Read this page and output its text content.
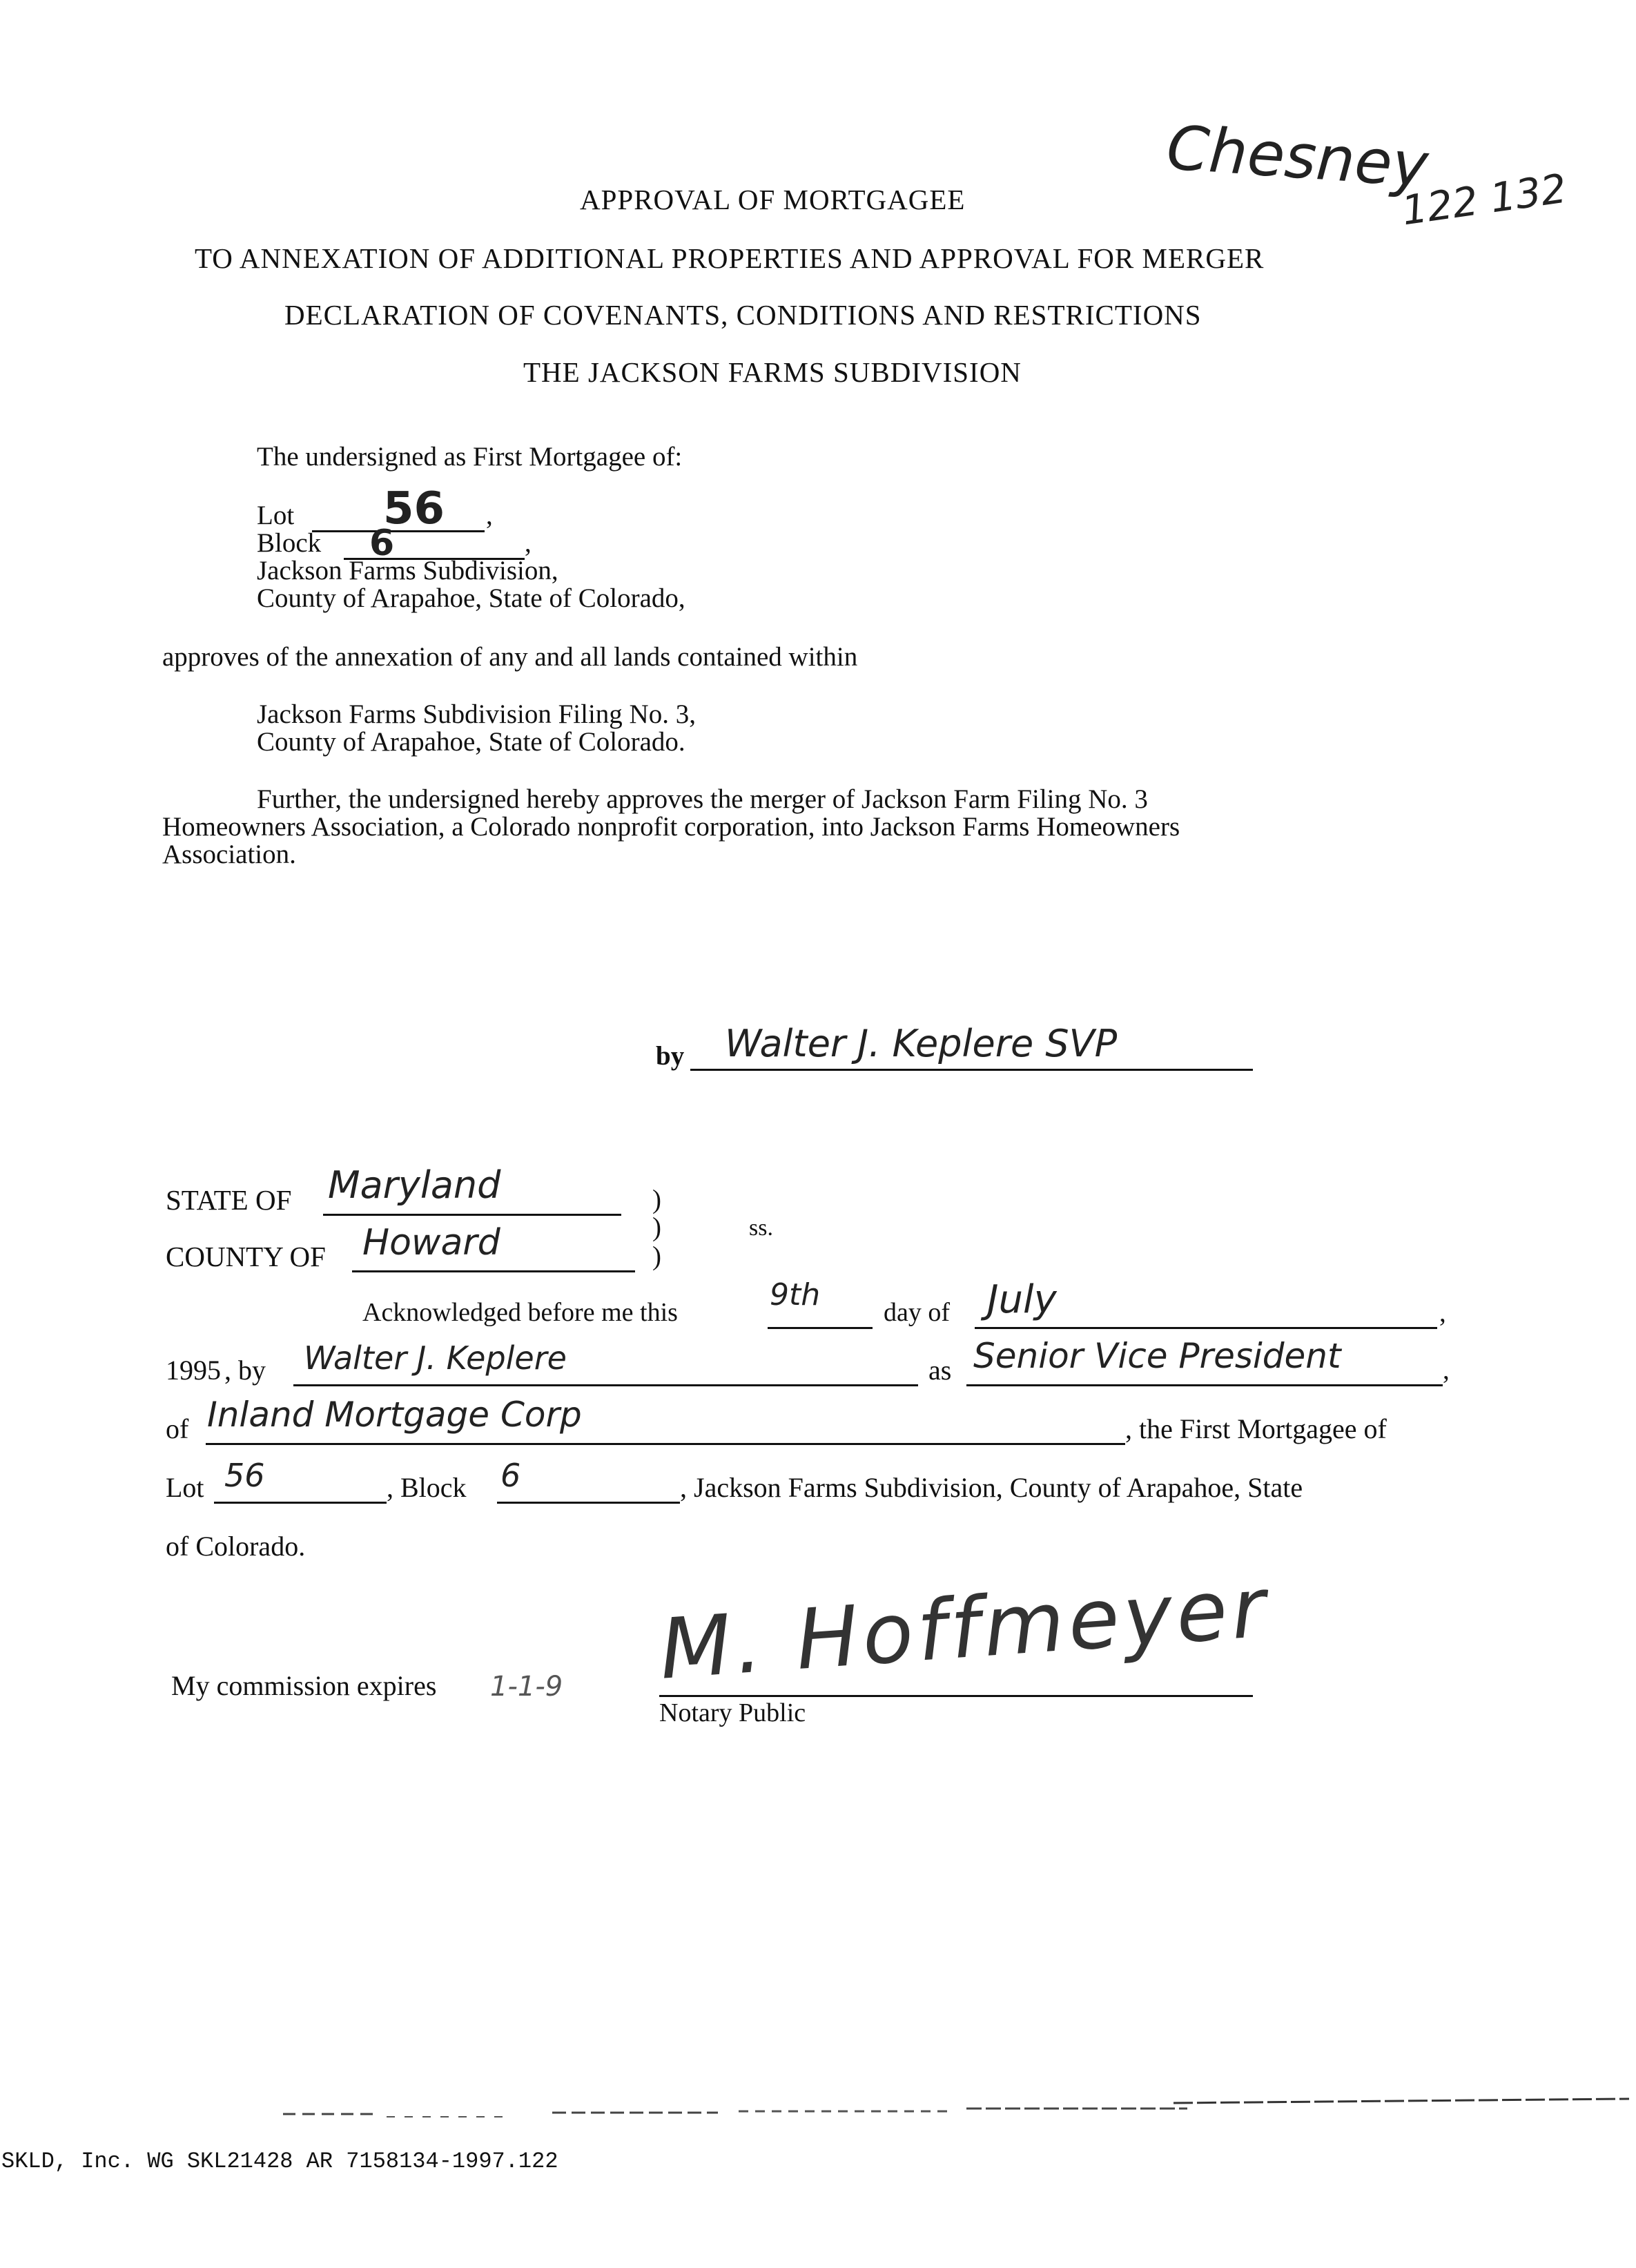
Chesney
122 132
APPROVAL OF MORTGAGEE
TO ANNEXATION OF ADDITIONAL PROPERTIES AND APPROVAL FOR MERGER
DECLARATION OF COVENANTS, CONDITIONS AND RESTRICTIONS
THE JACKSON FARMS SUBDIVISION
The undersigned as First Mortgagee of:
Lot 56 ,
Block 6	,
Jackson Farms Subdivision,
County of Arapahoe, State of Colorado,
approves of the annexation of any and all lands contained within
Jackson Farms Subdivision Filing No. 3,
County of Arapahoe, State of Colorado.
Further, the undersigned hereby approves the merger of Jackson Farm Filing No. 3
Homeowners Association, a Colorado nonprofit corporation, into Jackson Farms Homeowners
Association.
by Walter J. Keplere SVP
STATE OF Maryland	)
)	ss.
COUNTY OF Howard	)
Acknowledged before me this	9th day of July	,
199 5 , by Walter J. Keplere	as Senior Vice President	,
of Inland Mortgage Corp	, the First Mortgagee of
Lot 56	, Block 6	, Jackson Farms Subdivision, County of Arapahoe, State
of Colorado.
My commission expires 1-1-9 M. Hoffmeyer
Notary Public
SKLD, Inc. WG SKL21428 AR 7158134-1997.122
